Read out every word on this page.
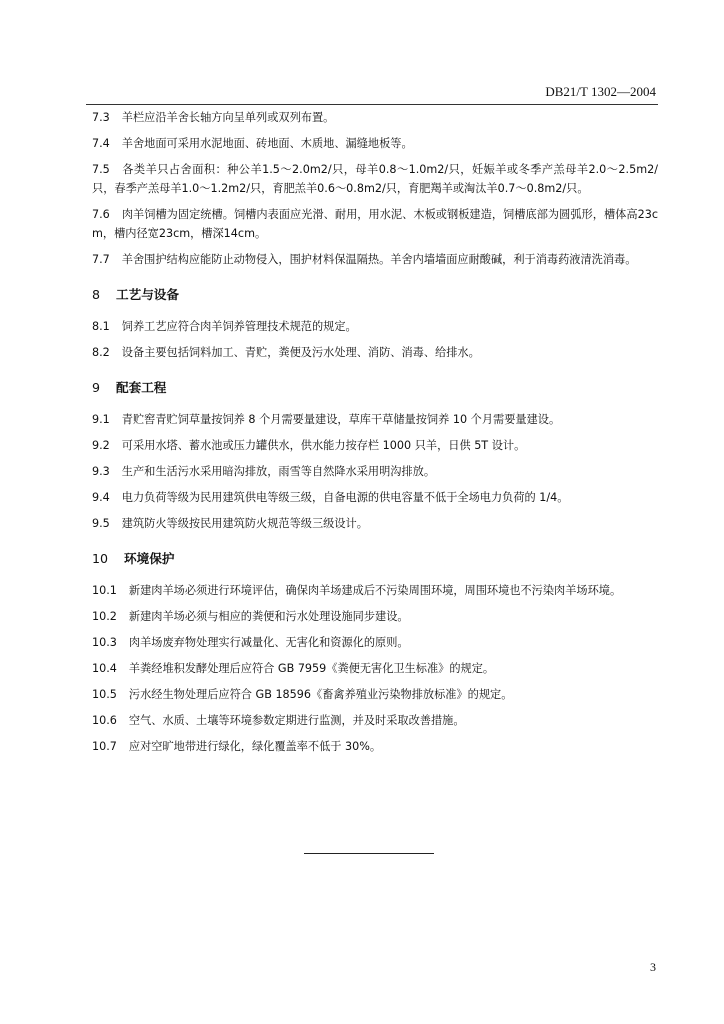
DB21/T 1302—2004
7.3 羊栏应沿羊舍长轴方向呈单列或双列布置。
7.4 羊舍地面可采用水泥地面、砖地面、木质地、漏缝地板等。
7.5 各类羊只占舍面积：种公羊1.5～2.0m2/只，母羊0.8～1.0m2/只，妊娠羊或冬季产羔母羊2.0～2.5m2/只，春季产羔母羊1.0～1.2m2/只，育肥羔羊0.6～0.8m2/只，育肥羯羊或淘汰羊0.7～0.8m2/只。
7.6 肉羊饲槽为固定统槽。饲槽内表面应光滑、耐用，用水泥、木板或钢板建造，饲槽底部为圆弧形，槽体高23cm，槽内径宽23cm，槽深14cm。
7.7 羊舍围护结构应能防止动物侵入，围护材料保温隔热。羊舍内墙墙面应耐酸碱，利于消毒药液清洗消毒。
8 工艺与设备
8.1 饲养工艺应符合肉羊饲养管理技术规范的规定。
8.2 设备主要包括饲料加工、青贮，粪便及污水处理、消防、消毒、给排水。
9 配套工程
9.1 青贮窖青贮饲草量按饲养 8 个月需要量建设，草库干草储量按饲养 10 个月需要量建设。
9.2 可采用水塔、蓄水池或压力罐供水，供水能力按存栏 1000 只羊，日供 5T 设计。
9.3 生产和生活污水采用暗沟排放，雨雪等自然降水采用明沟排放。
9.4 电力负荷等级为民用建筑供电等级三级，自备电源的供电容量不低于全场电力负荷的 1/4。
9.5 建筑防火等级按民用建筑防火规范等级三级设计。
10 环境保护
10.1 新建肉羊场必须进行环境评估，确保肉羊场建成后不污染周围环境，周围环境也不污染肉羊场环境。
10.2 新建肉羊场必须与相应的粪便和污水处理设施同步建设。
10.3 肉羊场废弃物处理实行减量化、无害化和资源化的原则。
10.4 羊粪经堆积发酵处理后应符合 GB 7959《粪便无害化卫生标准》的规定。
10.5 污水经生物处理后应符合 GB 18596《畜禽养殖业污染物排放标准》的规定。
10.6 空气、水质、土壤等环境参数定期进行监测，并及时采取改善措施。
10.7 应对空旷地带进行绿化，绿化覆盖率不低于 30%。
3
